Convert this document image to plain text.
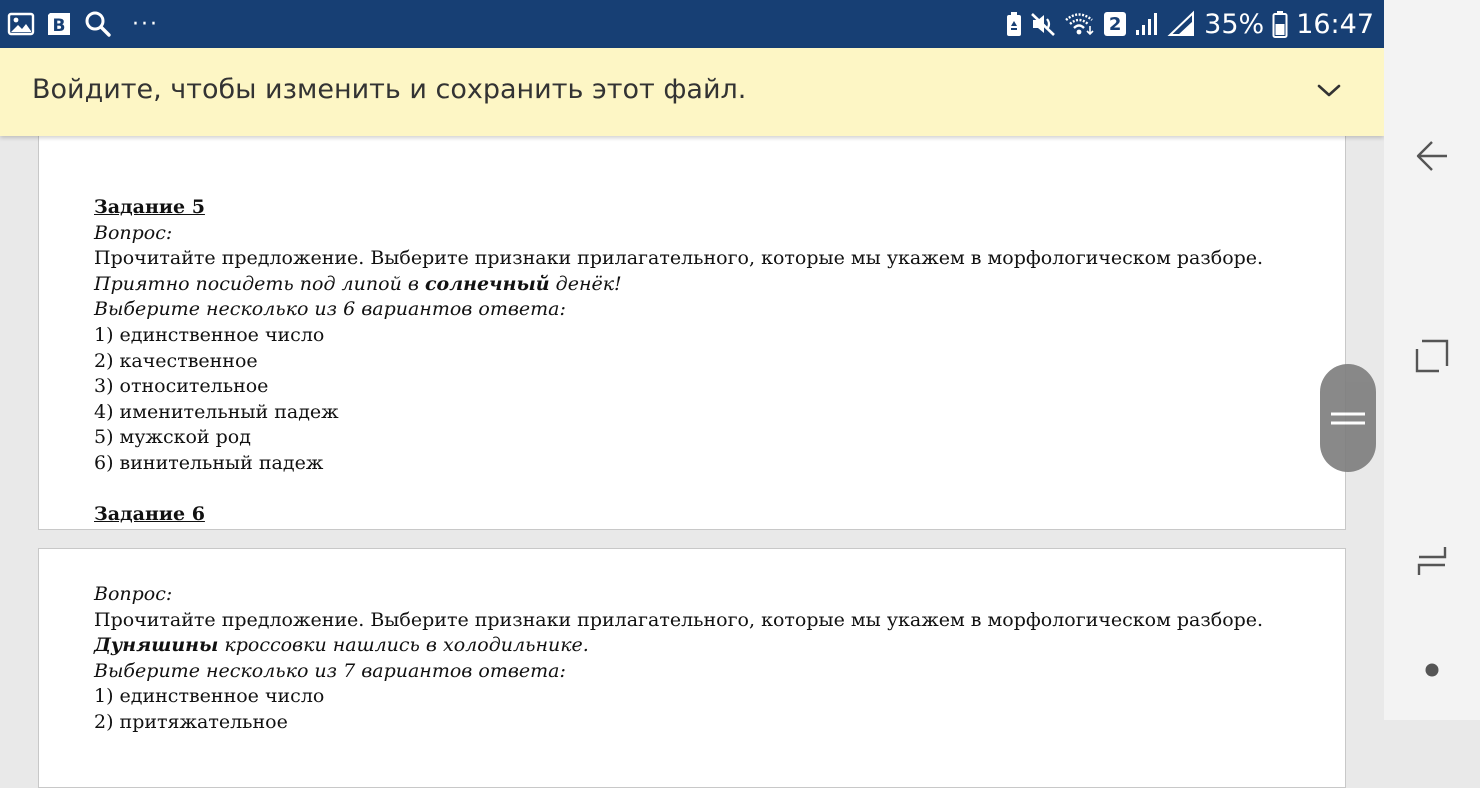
B	···	2	35% 16:47
Задание 5
Вопрос:
Прочитайте предложение. Выберите признаки прилагательного, которые мы укажем в морфологическом разборе.
Приятно посидеть под липой в солнечный денёк!
Выберите несколько из 6 вариантов ответа:
1) единственное число
2) качественное
3) относительное
4) именительный падеж
5) мужской род
6) винительный падеж
Задание 6
Вопрос:
Прочитайте предложение. Выберите признаки прилагательного, которые мы укажем в морфологическом разборе.
Дуняшины кроссовки нашлись в холодильнике.
Выберите несколько из 7 вариантов ответа:
1) единственное число
2) притяжательное
Войдите, чтобы изменить и сохранить этот файл.
